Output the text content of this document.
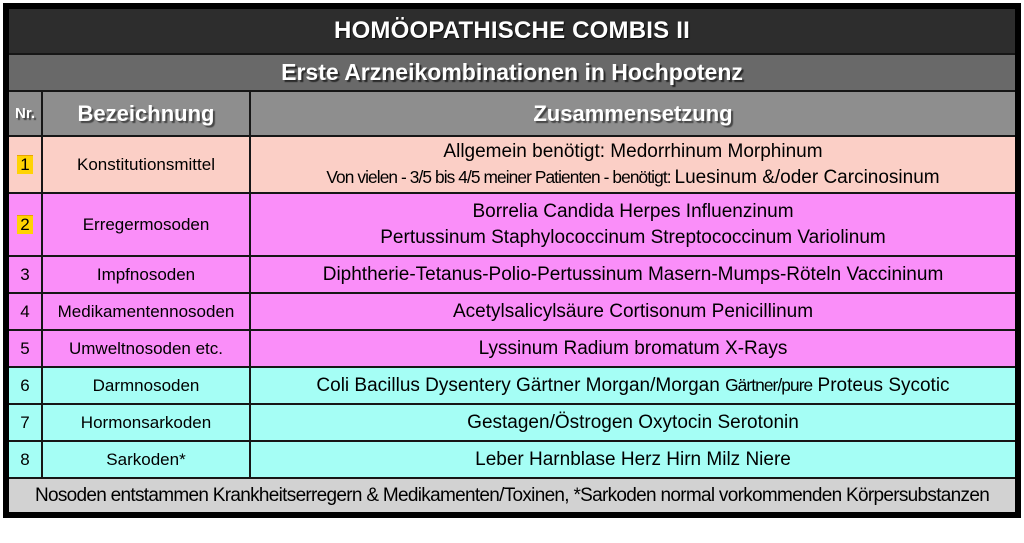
HOMÖOPATHISCHE COMBIS II		
Erste Arzneikombinationen in Hochpotenz		
Nr.	Bezeichnung	Zusammensetzung
1	Konstitutionsmittel	Allgemein benötigt: Medorrhinum Morphinum
Von vielen - 3/5 bis 4/5 meiner Patienten - benötigt: Luesinum &/oder Carcinosinum

2	Erregermosoden	Borrelia Candida Herpes Influenzinum
Pertussinum Staphylococcinum Streptococcinum Variolinum

3	Impfnosoden	Diphtherie-Tetanus-Polio-Pertussinum Masern-Mumps-Röteln Vaccininum

4	Medikamentennosoden	Acetylsalicylsäure Cortisonum Penicillinum

5	Umweltnosoden etc.	Lyssinum Radium bromatum X-Rays

6	Darmnosoden	Coli Bacillus Dysentery Gärtner Morgan/Morgan Gärtner/pure Proteus Sycotic

7	Hormonsarkoden	Gestagen/Östrogen Oxytocin Serotonin

8	Sarkoden*	Leber Harnblase Herz Hirn Milz Niere

Nosoden entstammen Krankheitserregern & Medikamenten/Toxinen, *Sarkoden normal vorkommenden Körpersubstanzen		
